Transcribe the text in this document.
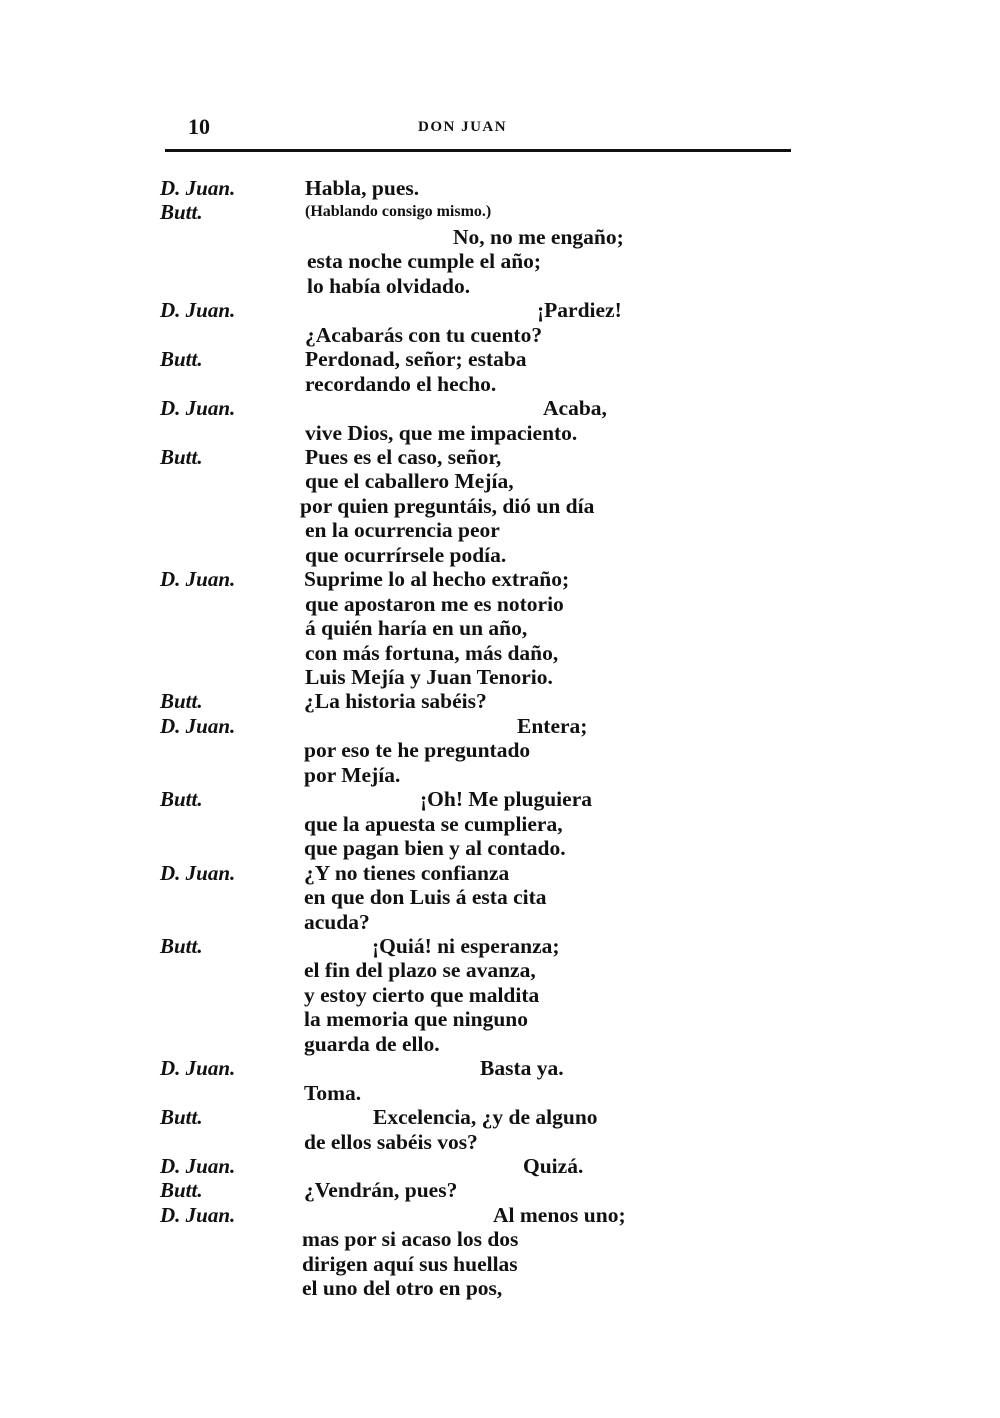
10	DON JUAN
D. Juan.	Habla, pues.
Butt.	(Hablando consigo mismo.)
No, no me engaño;
esta noche cumple el año;
lo había olvidado.
D. Juan.	¡Pardiez!
¿Acabarás con tu cuento?
Butt.	Perdonad, señor; estaba
recordando el hecho.
D. Juan.	Acaba,
vive Dios, que me impaciento.
Butt.	Pues es el caso, señor,
que el caballero Mejía,
por quien preguntáis, dió un día
en la ocurrencia peor
que ocurrírsele podía.
D. Juan.	Suprime lo al hecho extraño;
que apostaron me es notorio
á quién haría en un año,
con más fortuna, más daño,
Luis Mejía y Juan Tenorio.
Butt.	¿La historia sabéis?
D. Juan.	Entera;
por eso te he preguntado
por Mejía.
Butt.	¡Oh! Me pluguiera
que la apuesta se cumpliera,
que pagan bien y al contado.
D. Juan.	¿Y no tienes confianza
en que don Luis á esta cita
acuda?
Butt.	¡Quiá! ni esperanza;
el fin del plazo se avanza,
y estoy cierto que maldita
la memoria que ninguno
guarda de ello.
D. Juan.	Basta ya.
Toma.
Butt.	Excelencia, ¿y de alguno
de ellos sabéis vos?
D. Juan.	Quizá.
Butt.	¿Vendrán, pues?
D. Juan.	Al menos uno;
mas por si acaso los dos
dirigen aquí sus huellas
el uno del otro en pos,
